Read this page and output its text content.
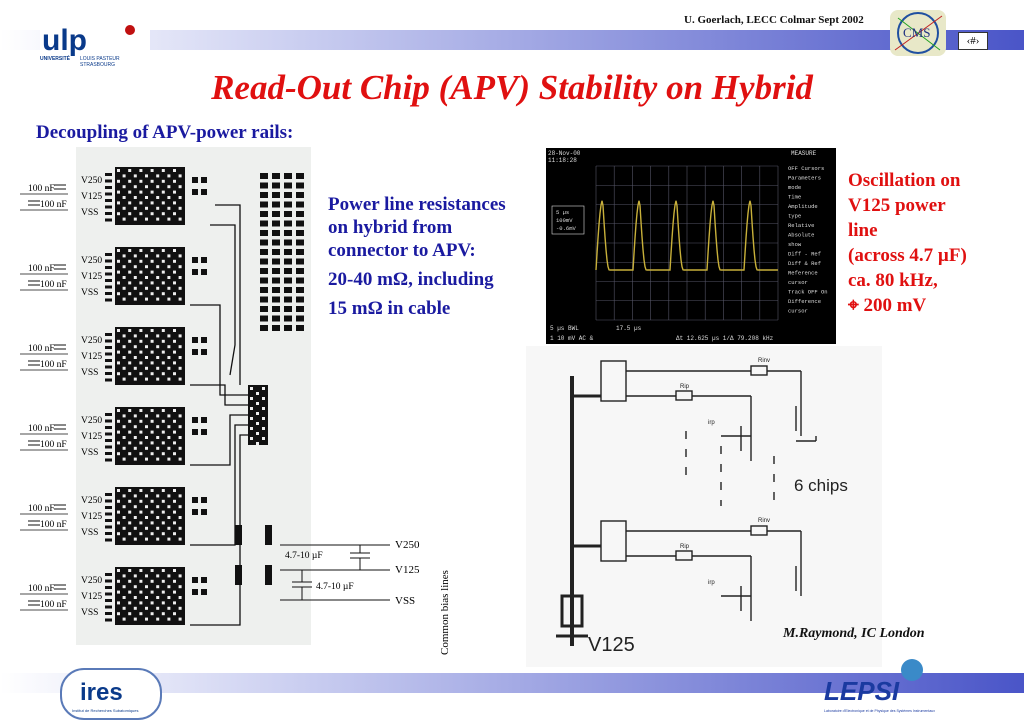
ulp
UNIVERSITÉ LOUIS PASTEUR
STRASBOURG
U. Goerlach, LECC Colmar Sept 2002
CMS
‹#›
Read-Out Chip (APV) Stability on Hybrid
Decoupling of APV-power rails:
100 nF
100 nF
V250
V125
VSS
100 nF
100 nF
V250
V125
VSS
100 nF
100 nF
V250
V125
VSS
100 nF
100 nF
V250
V125
VSS
100 nF
100 nF
V250
V125
VSS
100 nF
100 nF
V250
V125
VSS
4.7-10 µF
4.7-10 µF
V250
V125
VSS Common bias lines
Power line resistances on hybrid from connector to APV:
20-40 mΩ, including
15 mΩ in cable
28-Nov-00
11:18:28
MEASURE
5 µs BWL
1 10 mV AC &
17.5 µs
Δt 12.625 µs 1/Δ 79.208 kHz
OFF Cursors
Parameters
mode
Time
Amplitude
type
Relative
Absolute
show
Diff - Ref
Diff & Ref
Reference
cursor
Track OFF On
Difference
cursor
5 µs
100mV
-0.6mV
Oscillation on
V125 power
line
(across 4.7 µF)
ca. 80 kHz,
⌖ 200 mV
Rinv
Rip
irp
Rinv
Rip
irp
6 chips
V125
M.Raymond, IC London
ires
Institut de Recherches Subatomiques
LEPSI
Laboratoire d'Electronique et de Physique des Systèmes Instrumentaux
